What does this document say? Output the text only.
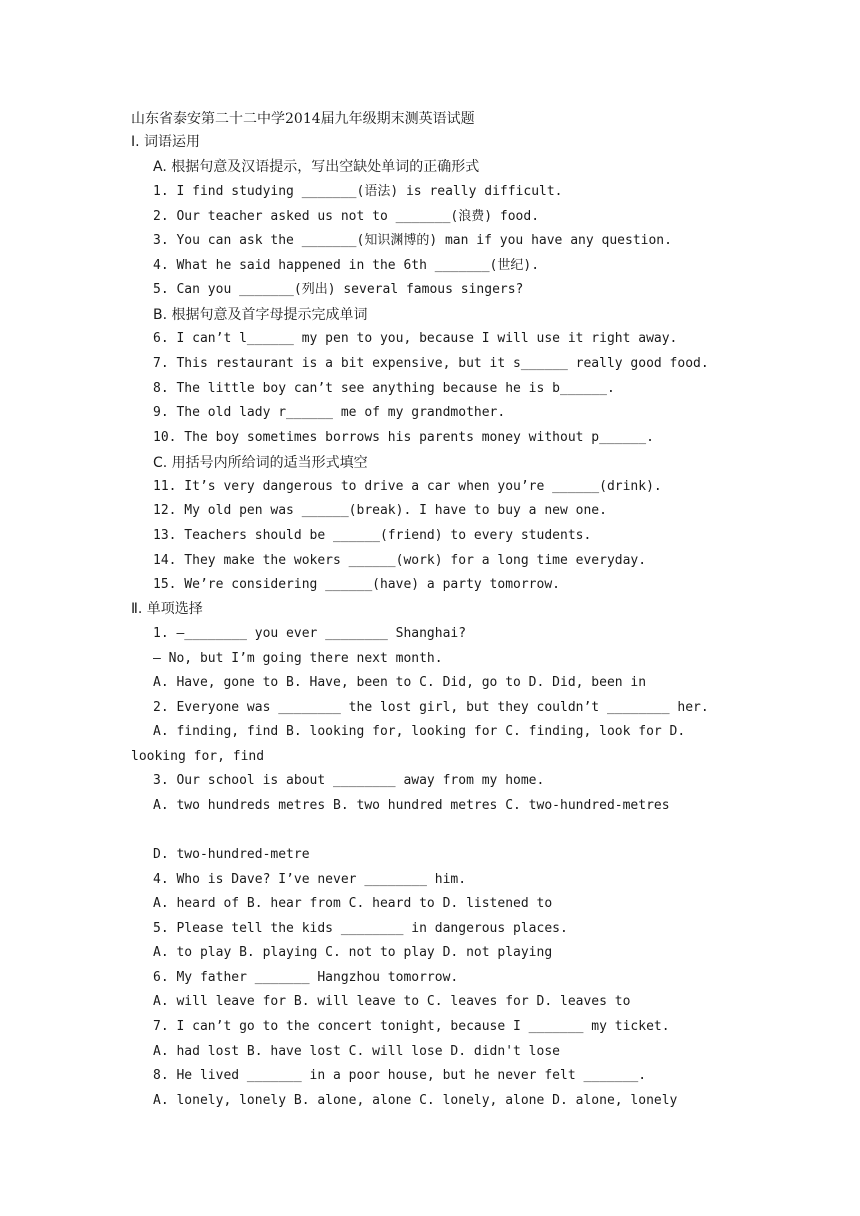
山东省泰安第二十二中学2014届九年级期末测英语试题
Ⅰ. 词语运用
A. 根据句意及汉语提示，写出空缺处单词的正确形式
1. I find studying _______(语法) is really difficult.
2. Our teacher asked us not to _______(浪费) food.
3. You can ask the _______(知识渊博的) man if you have any question.
4. What he said happened in the 6th _______(世纪).
5. Can you _______(列出) several famous singers?
B. 根据句意及首字母提示完成单词
6. I can’t l______ my pen to you, because I will use it right away.
7. This restaurant is a bit expensive, but it s______ really good food.
8. The little boy can’t see anything because he is b______.
9. The old lady r______ me of my grandmother.
10. The boy sometimes borrows his parents money without p______.
C. 用括号内所给词的适当形式填空
11. It’s very dangerous to drive a car when you’re ______(drink).
12. My old pen was ______(break). I have to buy a new one.
13. Teachers should be ______(friend) to every students.
14. They make the wokers ______(work) for a long time everyday.
15. We’re considering ______(have) a party tomorrow.
Ⅱ. 单项选择
1. —________ you ever ________ Shanghai?
— No, but I’m going there next month.
A. Have, gone to B. Have, been to C. Did, go to D. Did, been in
2. Everyone was ________ the lost girl, but they couldn’t ________ her.
A. finding, find B. looking for, looking for C. finding, look for D.
looking for, find
3. Our school is about ________ away from my home.
A. two hundreds metres B. two hundred metres C. two-hundred-metres
D. two-hundred-metre
4. Who is Dave? I’ve never ________ him.
A. heard of B. hear from C. heard to D. listened to
5. Please tell the kids ________ in dangerous places.
A. to play B. playing C. not to play D. not playing
6. My father _______ Hangzhou tomorrow.
A. will leave for B. will leave to C. leaves for D. leaves to
7. I can’t go to the concert tonight, because I _______ my ticket.
A. had lost B. have lost C. will lose D. didn't lose
8. He lived _______ in a poor house, but he never felt _______.
A. lonely, lonely B. alone, alone C. lonely, alone D. alone, lonely
